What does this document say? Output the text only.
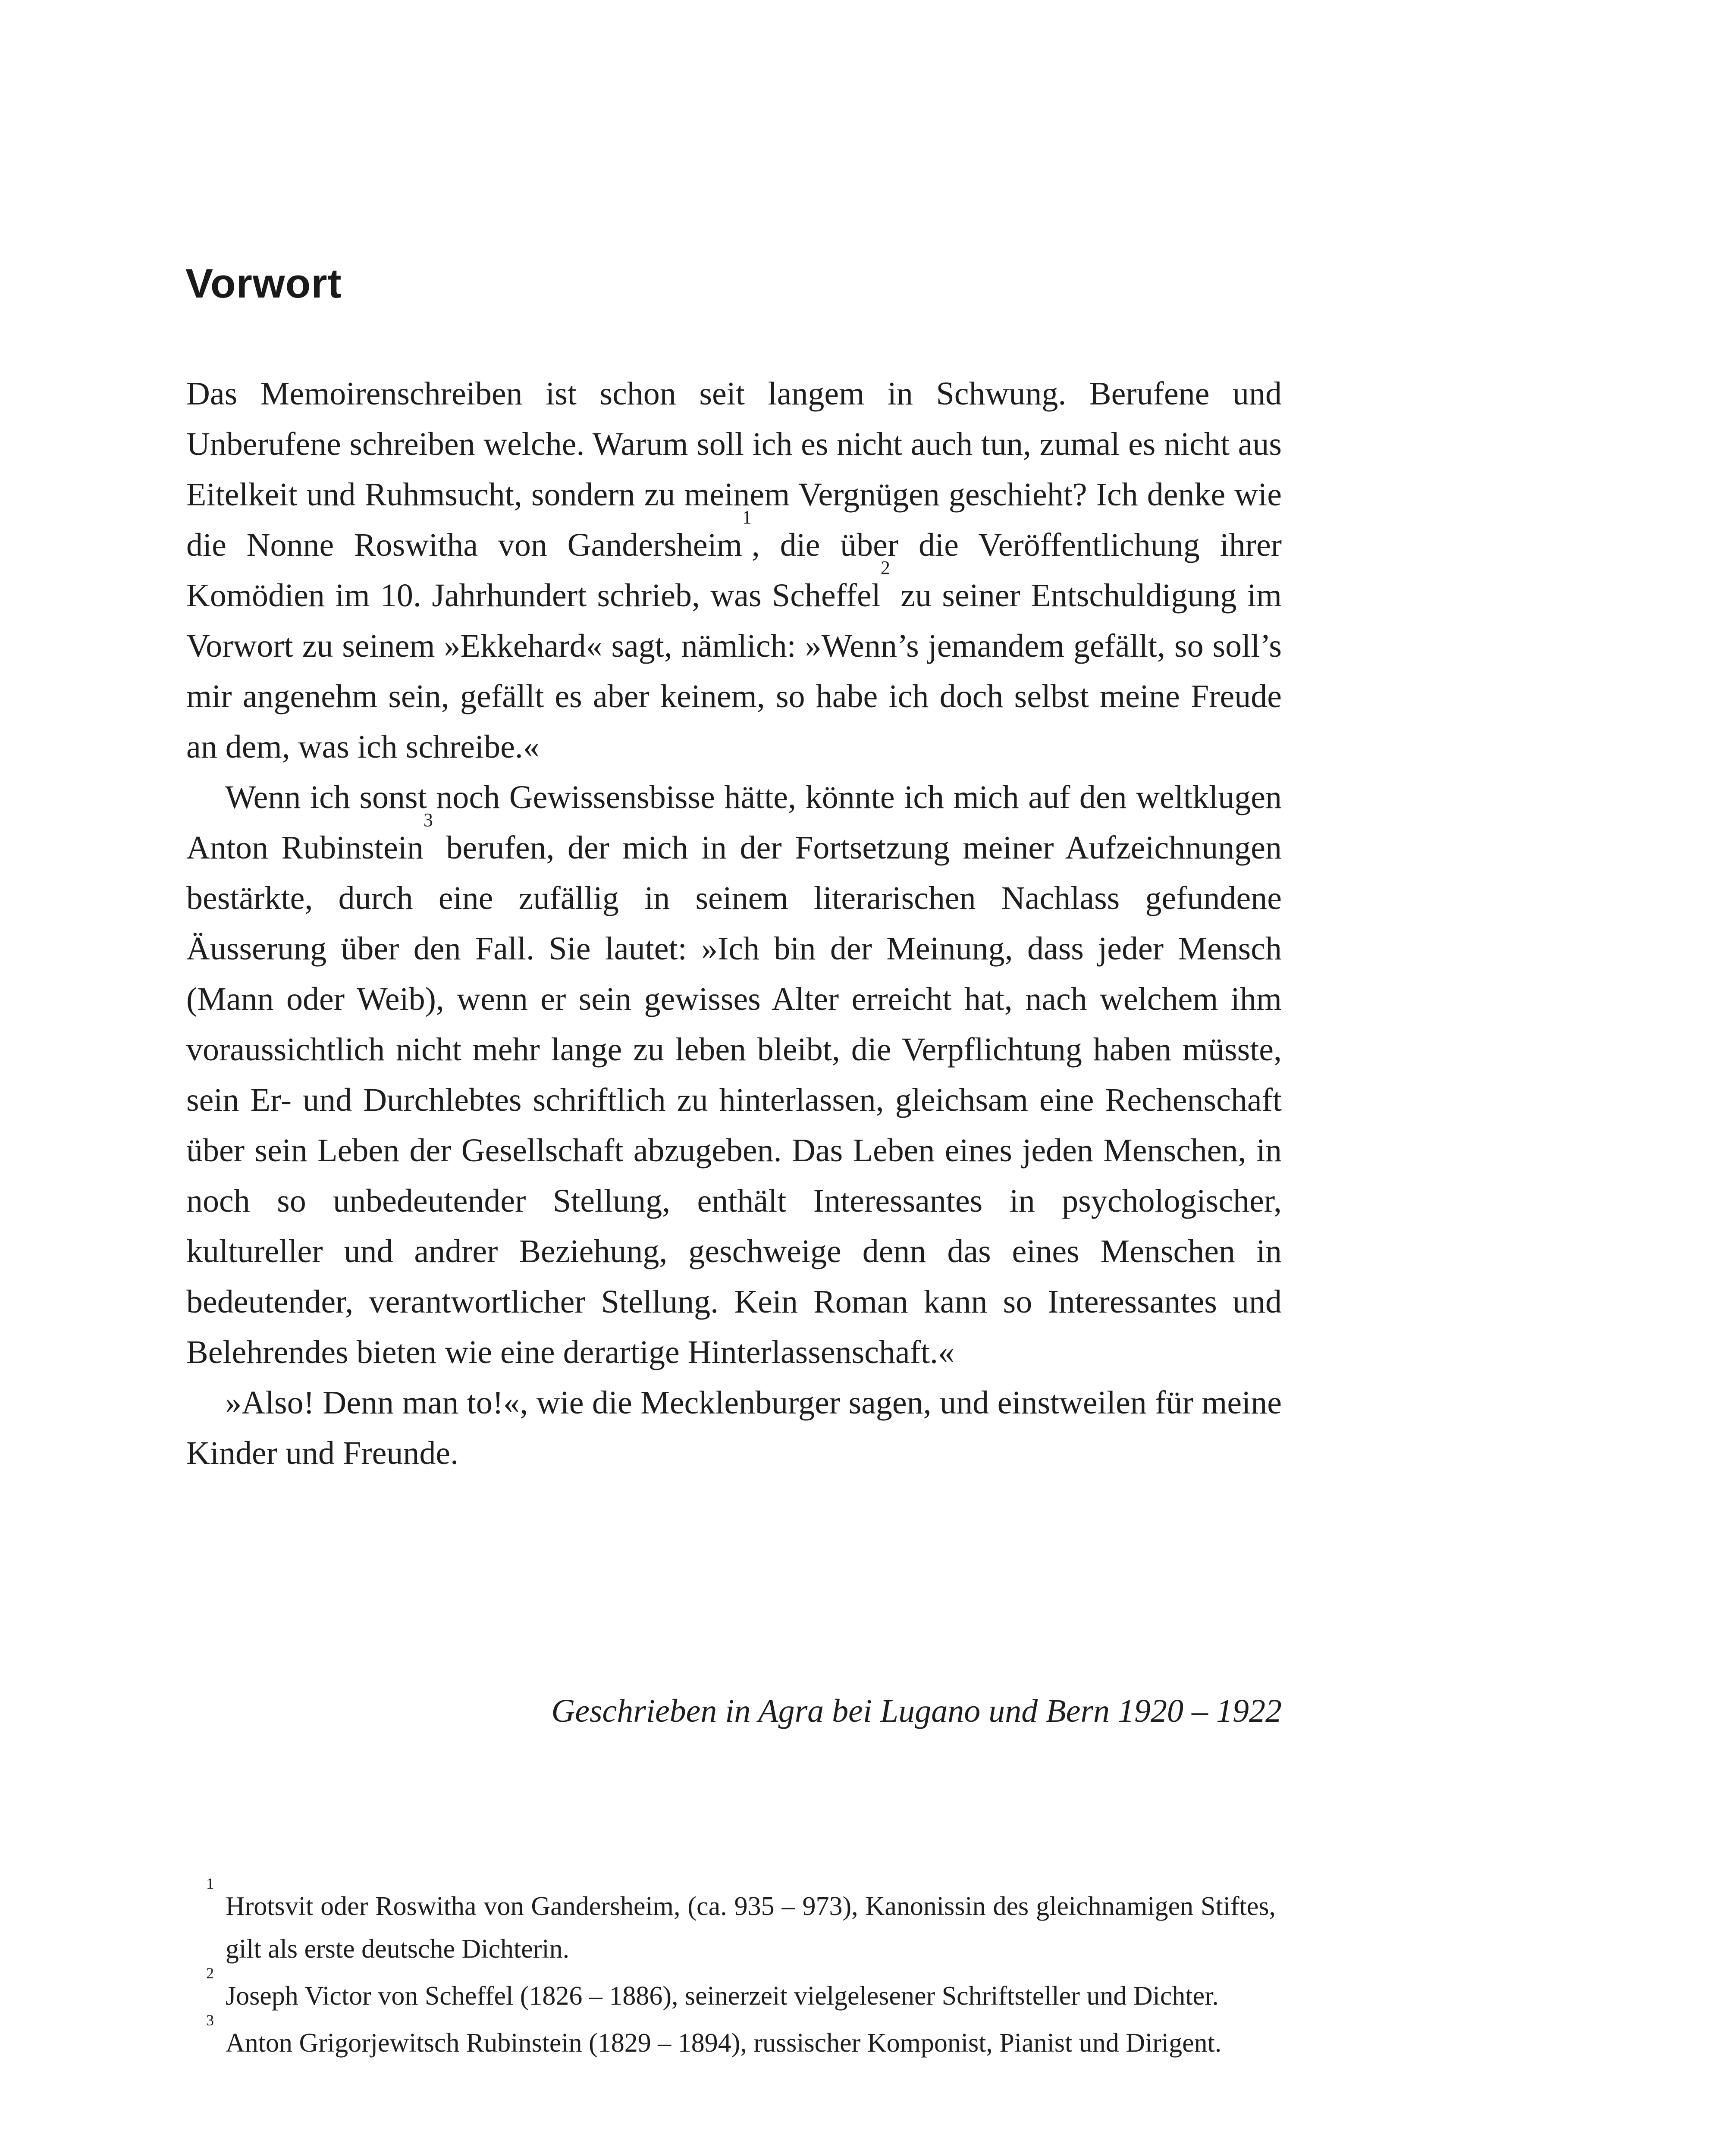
Vorwort

Das Memoirenschreiben ist schon seit langem in Schwung. Berufene und Unberufene schreiben welche. Warum soll ich es nicht auch tun, zumal es nicht aus Eitelkeit und Ruhmsucht, sondern zu meinem Vergnügen geschieht? Ich denke wie die Nonne Roswitha von Gandersheim$^1$, die über die Veröffentlichung ihrer Komödien im 10. Jahrhundert schrieb, was Scheffel$^2$ zu seiner Entschuldigung im Vorwort zu seinem »Ekkehard« sagt, nämlich: »Wenn’s jemandem gefällt, so soll’s mir angenehm sein, gefällt es aber keinem, so habe ich doch selbst meine Freude an dem, was ich schreibe.«

Wenn ich sonst noch Gewissensbisse hätte, könnte ich mich auf den weltklugen Anton Rubinstein$^3$ berufen, der mich in der Fortsetzung meiner Aufzeichnungen bestärkte, durch eine zufällig in seinem literarischen Nachlass gefundene Äusserung über den Fall. Sie lautet: »Ich bin der Meinung, dass jeder Mensch (Mann oder Weib), wenn er sein gewisses Alter erreicht hat, nach welchem ihm voraussichtlich nicht mehr lange zu leben bleibt, die Verpflichtung haben müsste, sein Er- und Durchlebtes schriftlich zu hinterlassen, gleichsam eine Rechenschaft über sein Leben der Gesellschaft abzugeben. Das Leben eines jeden Menschen, in noch so unbedeutender Stellung, enthält Interessantes in psychologischer, kultureller und andrer Beziehung, geschweige denn das eines Menschen in bedeutender, verantwortlicher Stellung. Kein Roman kann so Interessantes und Belehrendes bieten wie eine derartige Hinterlassenschaft.«

»Also! Denn man to!«, wie die Mecklenburger sagen, und einstweilen für meine Kinder und Freunde.

Geschrieben in Agra bei Lugano und Bern 1920 – 1922

1Hrotsvit oder Roswitha von Gandersheim, (ca. 935 – 973), Kanonissin des gleichnamigen Stiftes, gilt als erste deutsche Dichterin.

2Joseph Victor von Scheffel (1826 – 1886), seinerzeit vielgelesener Schriftsteller und Dichter.

3Anton Grigorjewitsch Rubinstein (1829 – 1894), russischer Komponist, Pianist und Dirigent.
